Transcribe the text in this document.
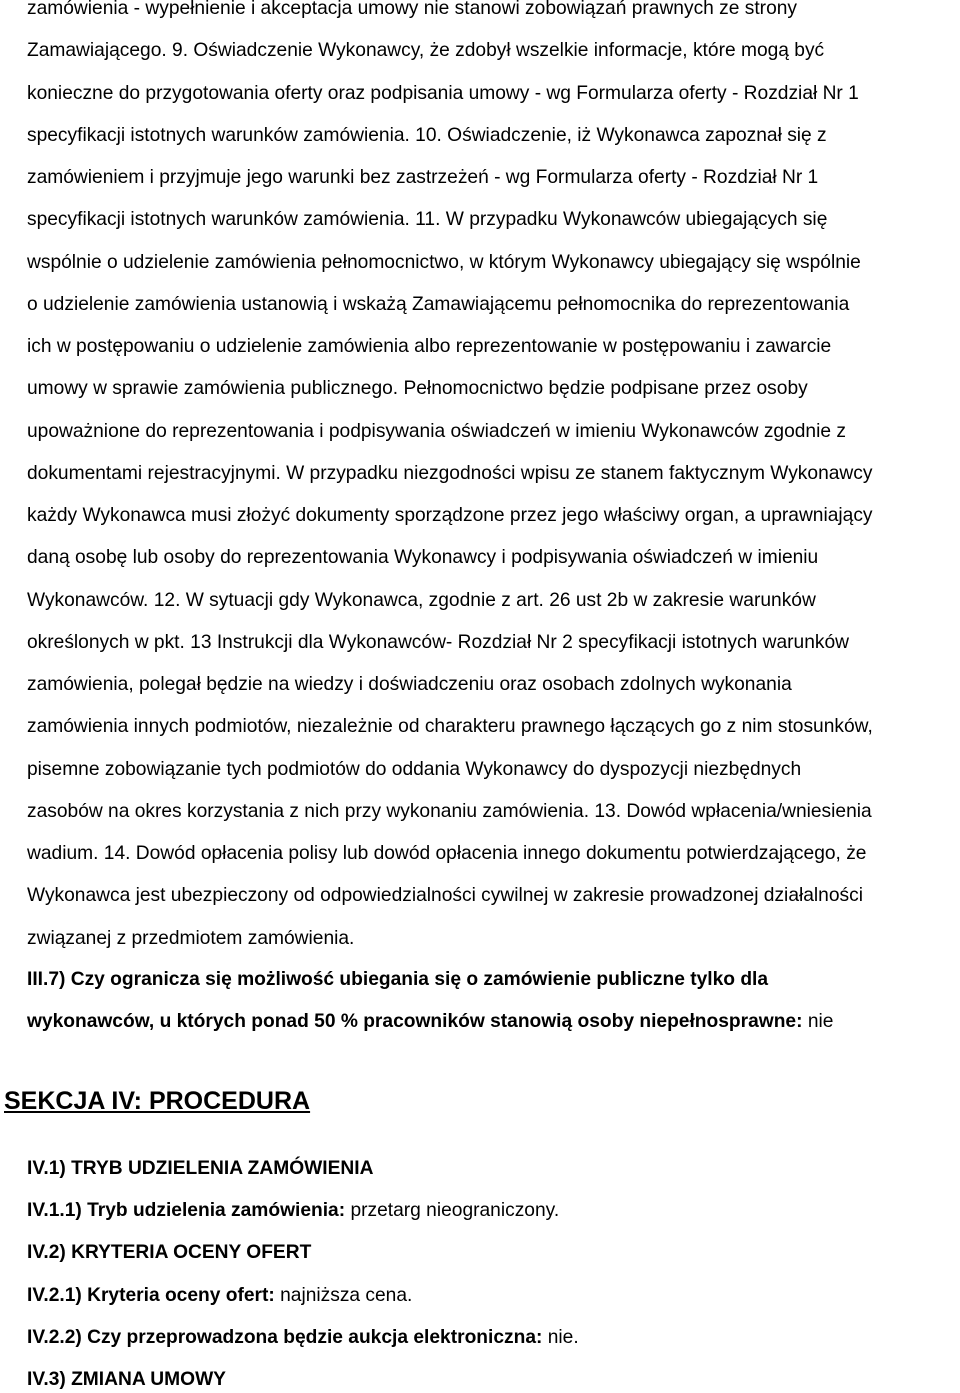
zamówienia - wypełnienie i akceptacja umowy nie stanowi zobowiązań prawnych ze strony
Zamawiającego. 9. Oświadczenie Wykonawcy, że zdobył wszelkie informacje, które mogą być
konieczne do przygotowania oferty oraz podpisania umowy - wg Formularza oferty - Rozdział Nr 1
specyfikacji istotnych warunków zamówienia. 10. Oświadczenie, iż Wykonawca zapoznał się z
zamówieniem i przyjmuje jego warunki bez zastrzeżeń - wg Formularza oferty - Rozdział Nr 1
specyfikacji istotnych warunków zamówienia. 11. W przypadku Wykonawców ubiegających się
wspólnie o udzielenie zamówienia pełnomocnictwo, w którym Wykonawcy ubiegający się wspólnie
o udzielenie zamówienia ustanowią i wskażą Zamawiającemu pełnomocnika do reprezentowania
ich w postępowaniu o udzielenie zamówienia albo reprezentowanie w postępowaniu i zawarcie
umowy w sprawie zamówienia publicznego. Pełnomocnictwo będzie podpisane przez osoby
upoważnione do reprezentowania i podpisywania oświadczeń w imieniu Wykonawców zgodnie z
dokumentami rejestracyjnymi. W przypadku niezgodności wpisu ze stanem faktycznym Wykonawcy
każdy Wykonawca musi złożyć dokumenty sporządzone przez jego właściwy organ, a uprawniający
daną osobę lub osoby do reprezentowania Wykonawcy i podpisywania oświadczeń w imieniu
Wykonawców. 12. W sytuacji gdy Wykonawca, zgodnie z art. 26 ust 2b w zakresie warunków
określonych w pkt. 13 Instrukcji dla Wykonawców- Rozdział Nr 2 specyfikacji istotnych warunków
zamówienia, polegał będzie na wiedzy i doświadczeniu oraz osobach zdolnych wykonania
zamówienia innych podmiotów, niezależnie od charakteru prawnego łączących go z nim stosunków,
pisemne zobowiązanie tych podmiotów do oddania Wykonawcy do dyspozycji niezbędnych
zasobów na okres korzystania z nich przy wykonaniu zamówienia. 13. Dowód wpłacenia/wniesienia
wadium. 14. Dowód opłacenia polisy lub dowód opłacenia innego dokumentu potwierdzającego, że
Wykonawca jest ubezpieczony od odpowiedzialności cywilnej w zakresie prowadzonej działalności
związanej z przedmiotem zamówienia.
III.7) Czy ogranicza się możliwość ubiegania się o zamówienie publiczne tylko dla
wykonawców, u których ponad 50 % pracowników stanowią osoby niepełnosprawne: nie
SEKCJA IV: PROCEDURA
IV.1) TRYB UDZIELENIA ZAMÓWIENIA
IV.1.1) Tryb udzielenia zamówienia: przetarg nieograniczony.
IV.2) KRYTERIA OCENY OFERT
IV.2.1) Kryteria oceny ofert: najniższa cena.
IV.2.2) Czy przeprowadzona będzie aukcja elektroniczna: nie.
IV.3) ZMIANA UMOWY
